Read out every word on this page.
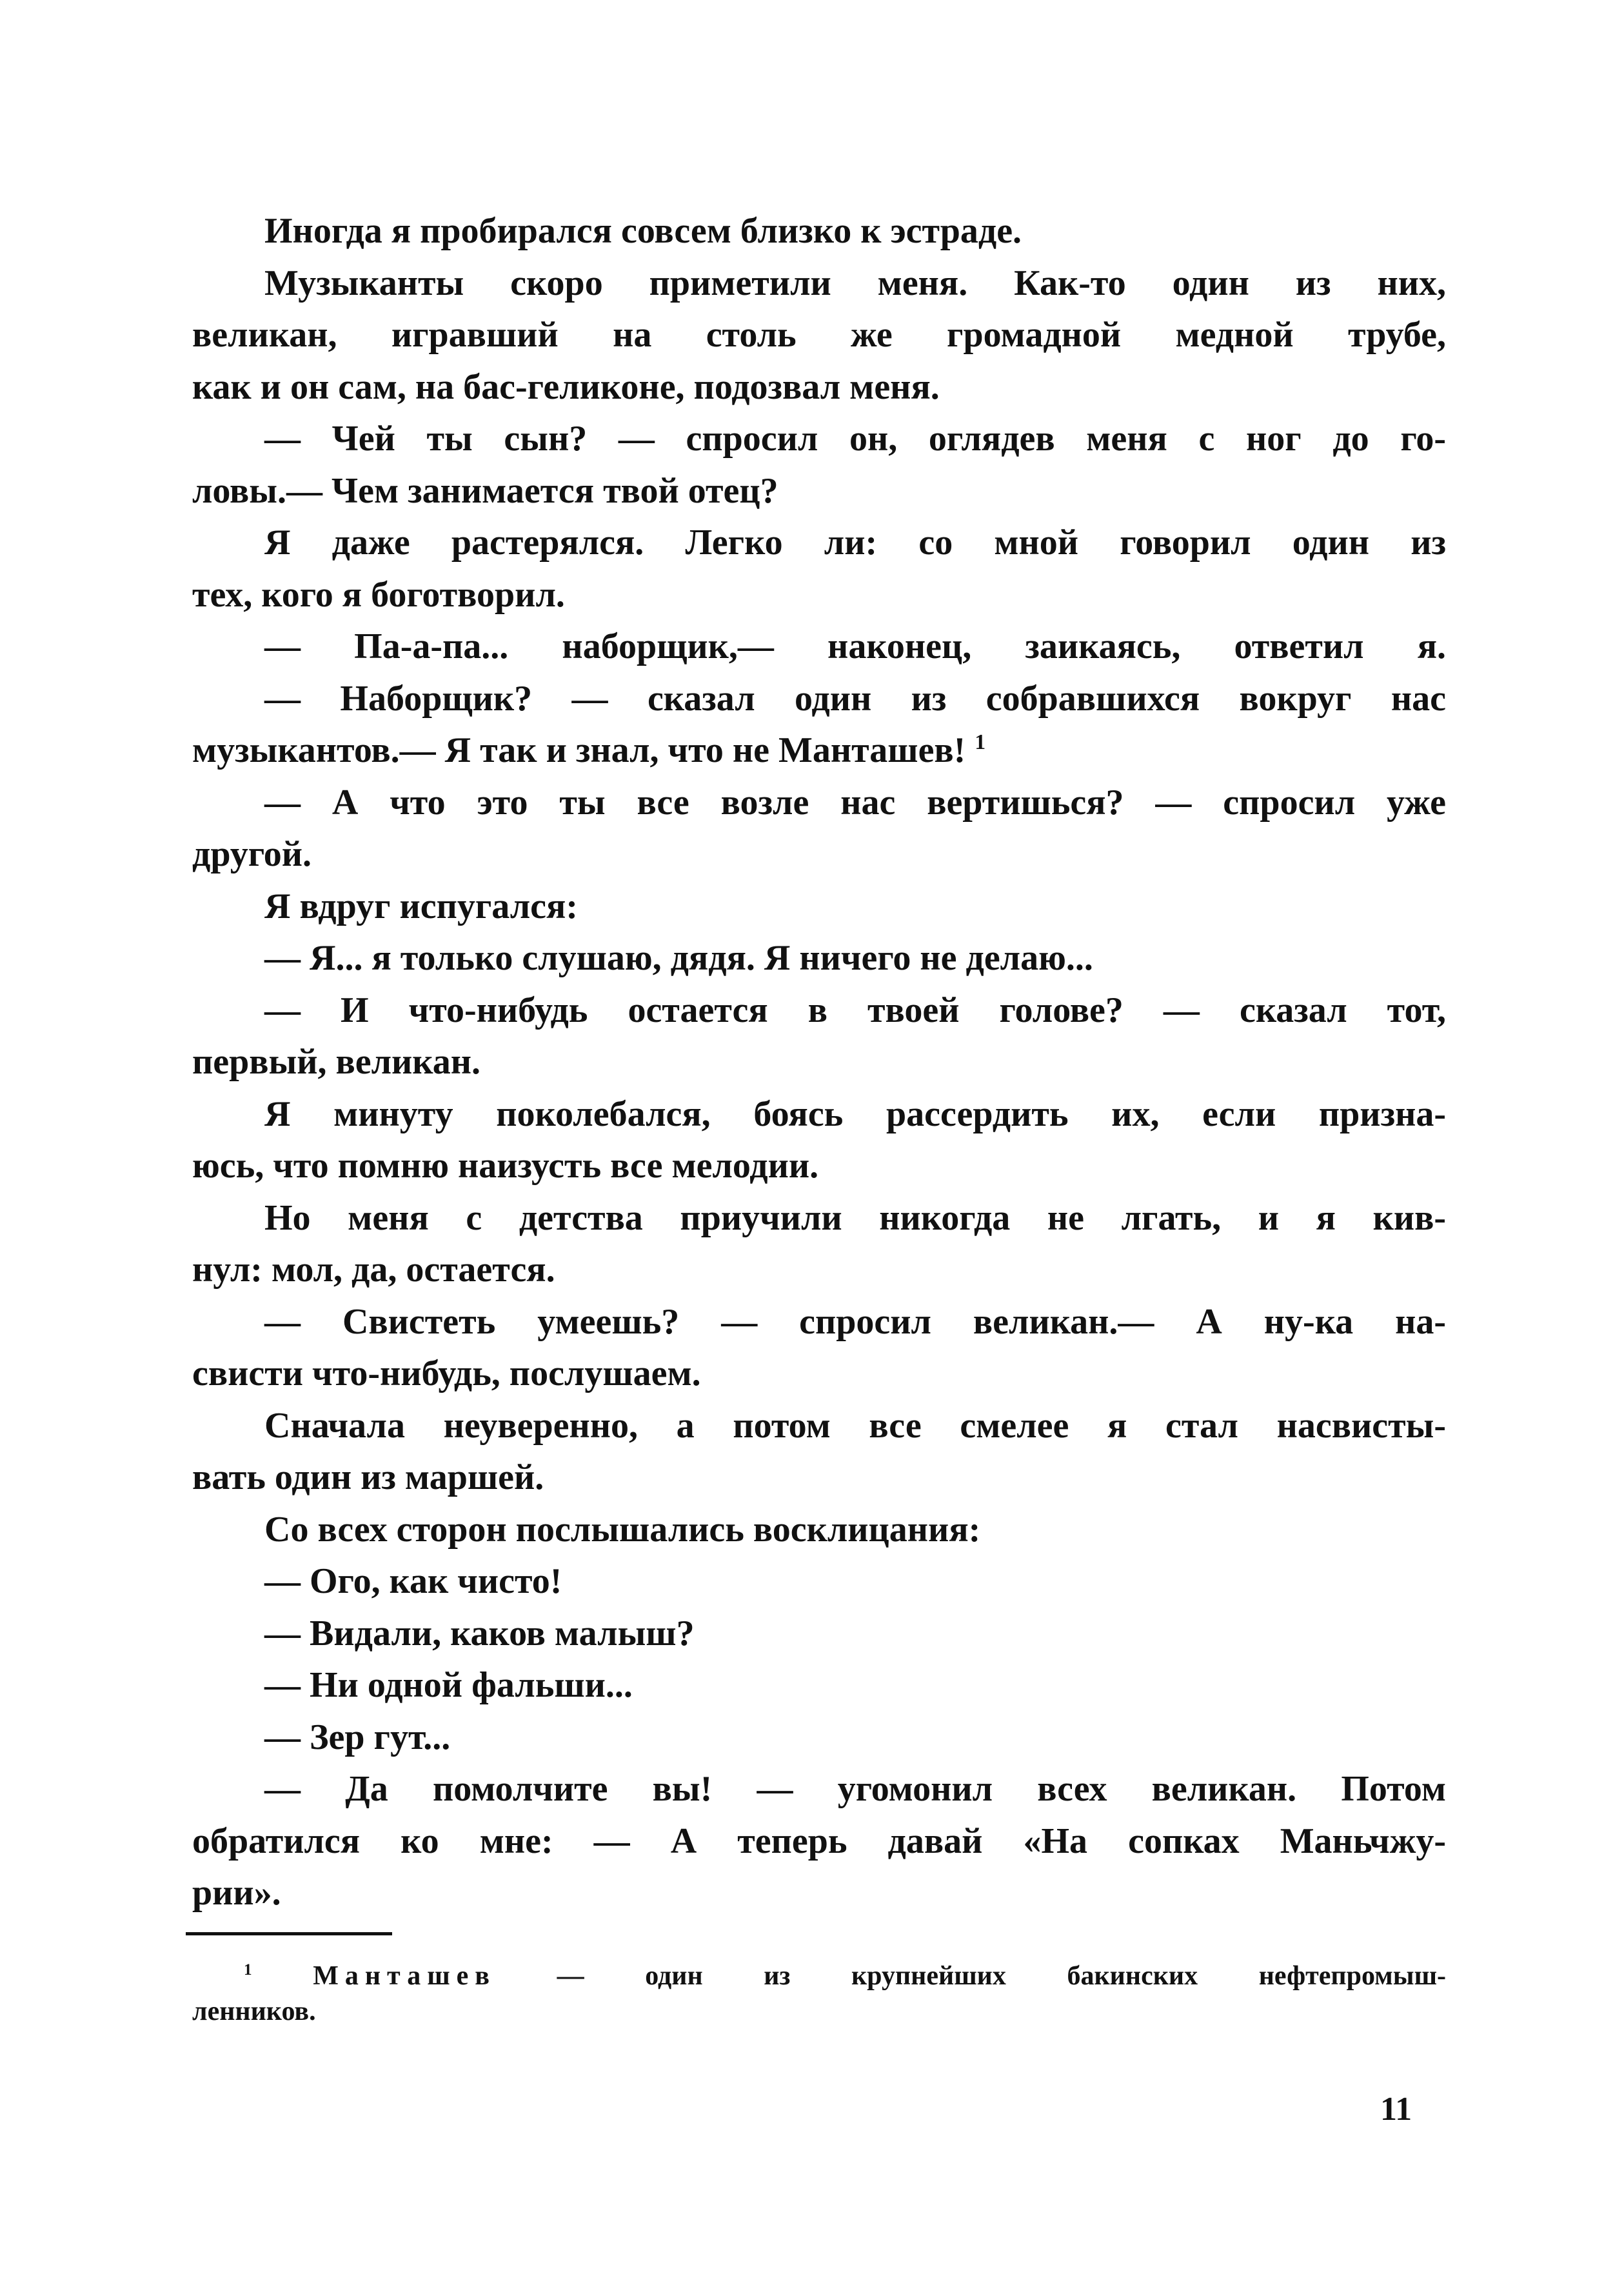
Иногда я пробирался совсем близко к эстраде.
Музыканты скоро приметили меня. Как-то один из них,
великан, игравший на столь же громадной медной трубе,
как и он сам, на бас-геликоне, подозвал меня.
— Чей ты сын? — спросил он, оглядев меня с ног до го-
ловы.— Чем занимается твой отец?
Я даже растерялся. Легко ли: со мной говорил один из
тех, кого я боготворил.
— Па-а-па... наборщик,— наконец, заикаясь, ответил я.
— Наборщик? — сказал один из собравшихся вокруг нас
музыкантов.— Я так и знал, что не Манташев! $^1$
— А что это ты все возле нас вертишься? — спросил уже
другой.
Я вдруг испугался:
— Я... я только слушаю, дядя. Я ничего не делаю...
— И что-нибудь остается в твоей голове? — сказал тот,
первый, великан.
Я минуту поколебался, боясь рассердить их, если призна-
юсь, что помню наизусть все мелодии.
Но меня с детства приучили никогда не лгать, и я кив-
нул: мол, да, остается.
— Свистеть умеешь? — спросил великан.— А ну-ка на-
свисти что-нибудь, послушаем.
Сначала неуверенно, а потом все смелее я стал насвисты-
вать один из маршей.
Со всех сторон послышались восклицания:
— Ого, как чисто!
— Видали, каков малыш?
— Ни одной фальши...
— Зер гут...
— Да помолчите вы! — угомонил всех великан. Потом
обратился ко мне: — А теперь давай «На сопках Маньчжу-
рии».
$^1$ Манташев — один из крупнейших бакинских нефтепромыш-
ленников.
11
